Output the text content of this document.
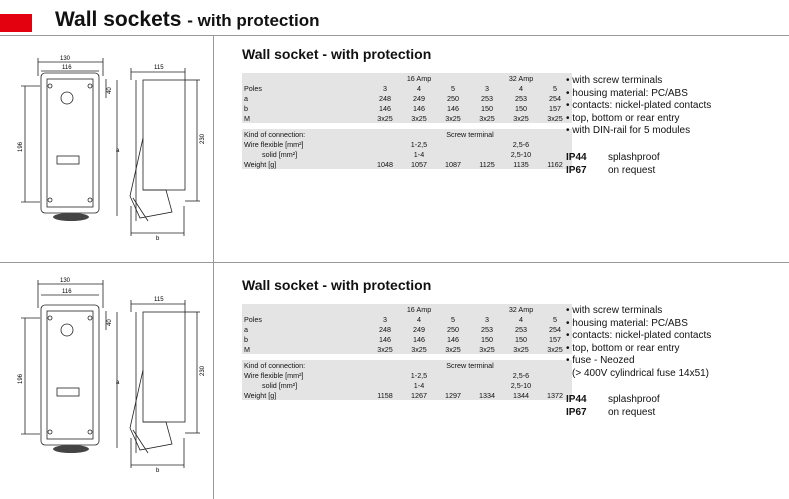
Wall sockets - with protection
130
116	115
196
40
230
a
b
Wall socket - with protection
	16 Amp			32 Amp		
Poles	3	4	5	3	4	5
a	248	249	250	253	253	254
b	146	146	146	150	150	157
M	3x25	3x25	3x25	3x25	3x25	3x25

Kind of connection:	Screw terminal					
Wire flexible [mm²]	1-2,5			2,5-6		
solid [mm²]	1-4			2,5-10		
Weight [g]	1048	1057	1087	1125	1135	1162
• with screw terminals
• housing material: PC/ABS
• contacts: nickel-plated contacts
• top, bottom or rear entry
• with DIN-rail for 5 modules
IP44 splashproof
IP67 on request
130
116
115
196
40
230
a
b
Wall socket - with protection
	16 Amp			32 Amp		
Poles	3	4	5	3	4	5
a	248	249	250	253	253	254
b	146	146	146	150	150	157
M	3x25	3x25	3x25	3x25	3x25	3x25

Kind of connection:	Screw terminal					
Wire flexible [mm²]	1-2,5			2,5-6		
solid [mm²]	1-4			2,5-10		
Weight [g]	1158	1267	1297	1334	1344	1372
• with screw terminals
• housing material: PC/ABS
• contacts: nickel-plated contacts
• top, bottom or rear entry
• fuse - Neozed
(> 400V cylindrical fuse 14x51)
IP44 splashproof
IP67 on request
